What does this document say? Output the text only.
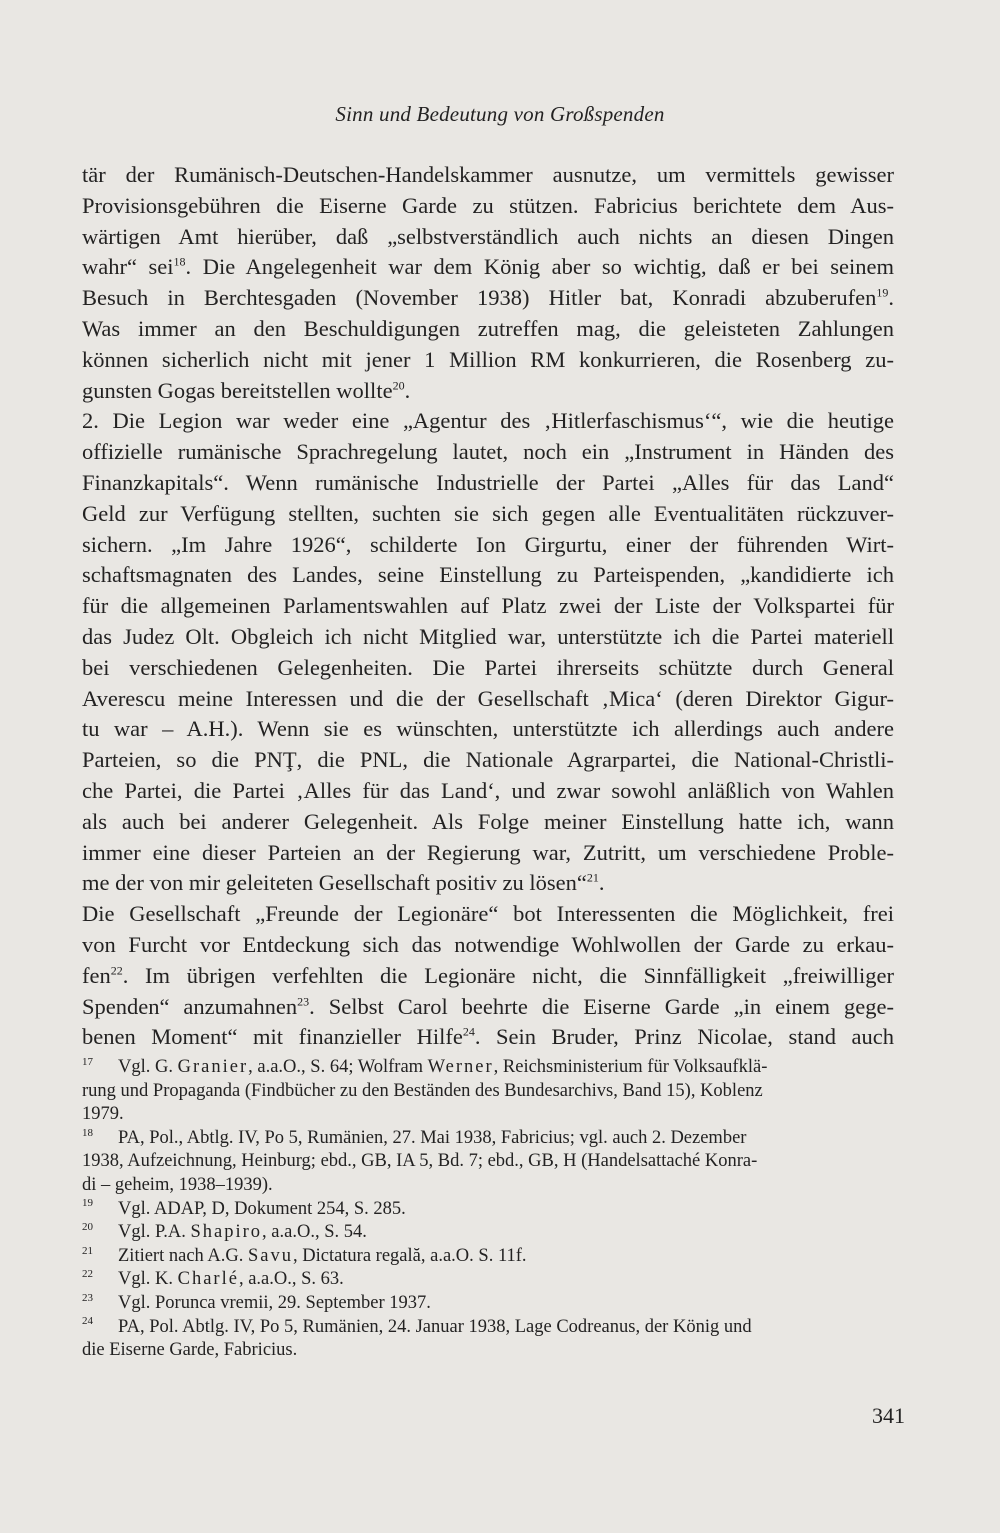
Sinn und Bedeutung von Großspenden
tär der Rumänisch-Deutschen-Handelskammer ausnutze, um vermittels gewisser
Provisionsgebühren die Eiserne Garde zu stützen. Fabricius berichtete dem Aus-
wärtigen Amt hierüber, daß „selbstverständlich auch nichts an diesen Dingen
wahr“ sei$^{18}$. Die Angelegenheit war dem König aber so wichtig, daß er bei seinem
Besuch in Berchtesgaden (November 1938) Hitler bat, Konradi abzuberufen$^{19}$.
Was immer an den Beschuldigungen zutreffen mag, die geleisteten Zahlungen
können sicherlich nicht mit jener 1 Million RM konkurrieren, die Rosenberg zu-
gunsten Gogas bereitstellen wollte$^{20}$.
2. Die Legion war weder eine „Agentur des ‚Hitlerfaschismus‘“, wie die heutige
offizielle rumänische Sprachregelung lautet, noch ein „Instrument in Händen des
Finanzkapitals“. Wenn rumänische Industrielle der Partei „Alles für das Land“
Geld zur Verfügung stellten, suchten sie sich gegen alle Eventualitäten rückzuver-
sichern. „Im Jahre 1926“, schilderte Ion Girgurtu, einer der führenden Wirt-
schaftsmagnaten des Landes, seine Einstellung zu Parteispenden, „kandidierte ich
für die allgemeinen Parlamentswahlen auf Platz zwei der Liste der Volkspartei für
das Judez Olt. Obgleich ich nicht Mitglied war, unterstützte ich die Partei materiell
bei verschiedenen Gelegenheiten. Die Partei ihrerseits schützte durch General
Averescu meine Interessen und die der Gesellschaft ‚Mica‘ (deren Direktor Gigur-
tu war – A.H.). Wenn sie es wünschten, unterstützte ich allerdings auch andere
Parteien, so die PNŢ, die PNL, die Nationale Agrarpartei, die National-Christli-
che Partei, die Partei ‚Alles für das Land‘, und zwar sowohl anläßlich von Wahlen
als auch bei anderer Gelegenheit. Als Folge meiner Einstellung hatte ich, wann
immer eine dieser Parteien an der Regierung war, Zutritt, um verschiedene Proble-
me der von mir geleiteten Gesellschaft positiv zu lösen“$^{21}$.
Die Gesellschaft „Freunde der Legionäre“ bot Interessenten die Möglichkeit, frei
von Furcht vor Entdeckung sich das notwendige Wohlwollen der Garde zu erkau-
fen$^{22}$. Im übrigen verfehlten die Legionäre nicht, die Sinnfälligkeit „freiwilliger
Spenden“ anzumahnen$^{23}$. Selbst Carol beehrte die Eiserne Garde „in einem gege-
benen Moment“ mit finanzieller Hilfe$^{24}$. Sein Bruder, Prinz Nicolae, stand auch
17 Vgl. G. Granier, a.a.O., S. 64; Wolfram Werner, Reichsministerium für Volksaufklä-
rung und Propaganda (Findbücher zu den Beständen des Bundesarchivs, Band 15), Koblenz
1979.
18 PA, Pol., Abtlg. IV, Po 5, Rumänien, 27. Mai 1938, Fabricius; vgl. auch 2. Dezember
1938, Aufzeichnung, Heinburg; ebd., GB, IA 5, Bd. 7; ebd., GB, H (Handelsattaché Konra-
di – geheim, 1938–1939).
19 Vgl. ADAP, D, Dokument 254, S. 285.
20 Vgl. P.A. Shapiro, a.a.O., S. 54.
21 Zitiert nach A.G. Savu, Dictatura regală, a.a.O. S. 11f.
22 Vgl. K. Charlé, a.a.O., S. 63.
23 Vgl. Poruncа vremii, 29. September 1937.
24 PA, Pol. Abtlg. IV, Po 5, Rumänien, 24. Januar 1938, Lage Codreanus, der König und
die Eiserne Garde, Fabricius.
341
